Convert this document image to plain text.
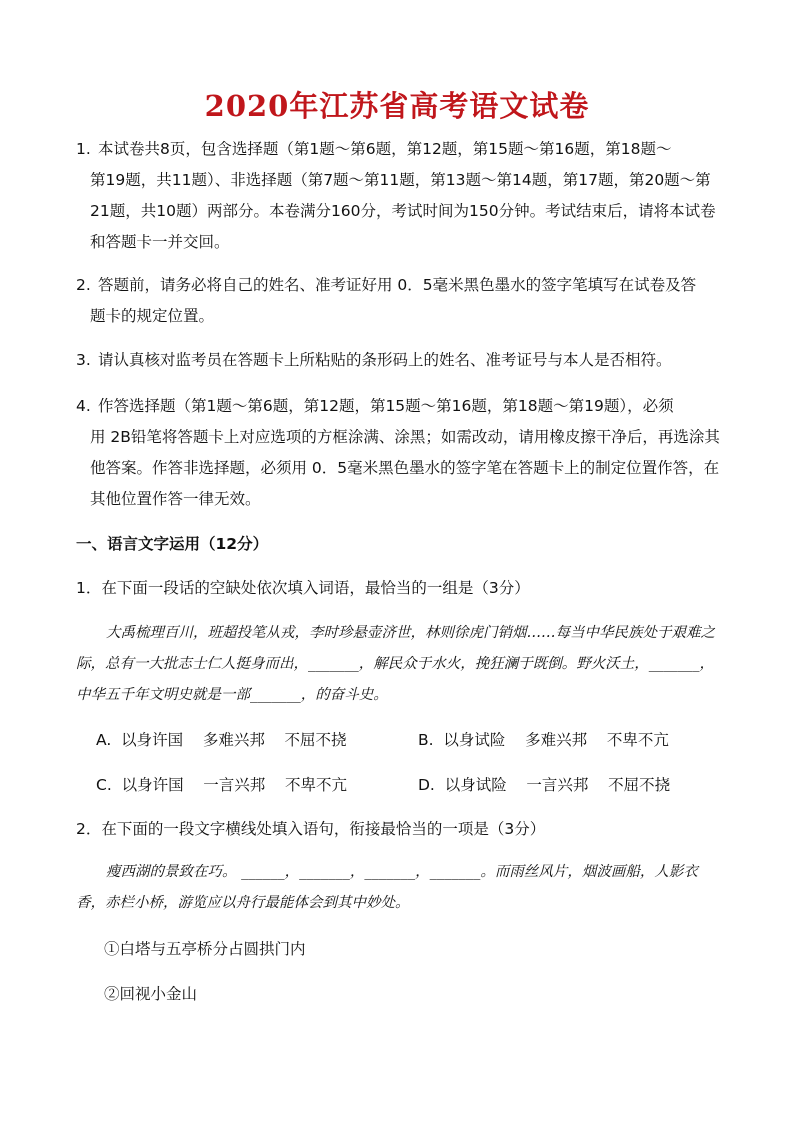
2020年江苏省高考语文试卷
1. 本试卷共8页，包含选择题（第1题～第6题，第12题，第15题～第16题，第18题～
第19题，共11题）、非选择题（第7题～第11题，第13题～第14题，第17题，第20题～第21题，共10题）两部分。本卷满分160分，考试时间为150分钟。考试结束后，请将本试卷和答题卡一并交回。
2. 答题前，请务必将自己的姓名、准考证好用 0．5毫米黑色墨水的签字笔填写在试卷及答
题卡的规定位置。
3. 请认真核对监考员在答题卡上所粘贴的条形码上的姓名、准考证号与本人是否相符。
4. 作答选择题（第1题～第6题，第12题，第15题～第16题，第18题～第19题），必须
用 2B铅笔将答题卡上对应选项的方框涂满、涂黑；如需改动，请用橡皮擦干净后，再选涂其他答案。作答非选择题，必须用 0．5毫米黑色墨水的签字笔在答题卡上的制定位置作答，在其他位置作答一律无效。
一、语言文字运用（12分）
1．在下面一段话的空缺处依次填入词语，最恰当的一组是（3分）
大禹梳理百川，班超投笔从戎，李时珍悬壶济世，林则徐虎门销烟……每当中华民族处于艰难之际，总有一大批志士仁人挺身而出，_______，解民众于水火，挽狂澜于既倒。野火沃土，_______，中华五千年文明史就是一部_______，的奋斗史。
A.  以身许国    多难兴邦    不屈不挠	B.  以身试险    多难兴邦    不卑不亢
C.  以身许国    一言兴邦    不卑不亢	D.  以身试险    一言兴邦    不屈不挠
2．在下面的一段文字横线处填入语句，衔接最恰当的一项是（3分）
瘦西湖的景致在巧。 ______，_______，_______，_______。而雨丝风片，烟波画船，人影衣香，赤栏小桥，游览应以舟行最能体会到其中妙处。
①白塔与五亭桥分占圆拱门内
②回视小金山
